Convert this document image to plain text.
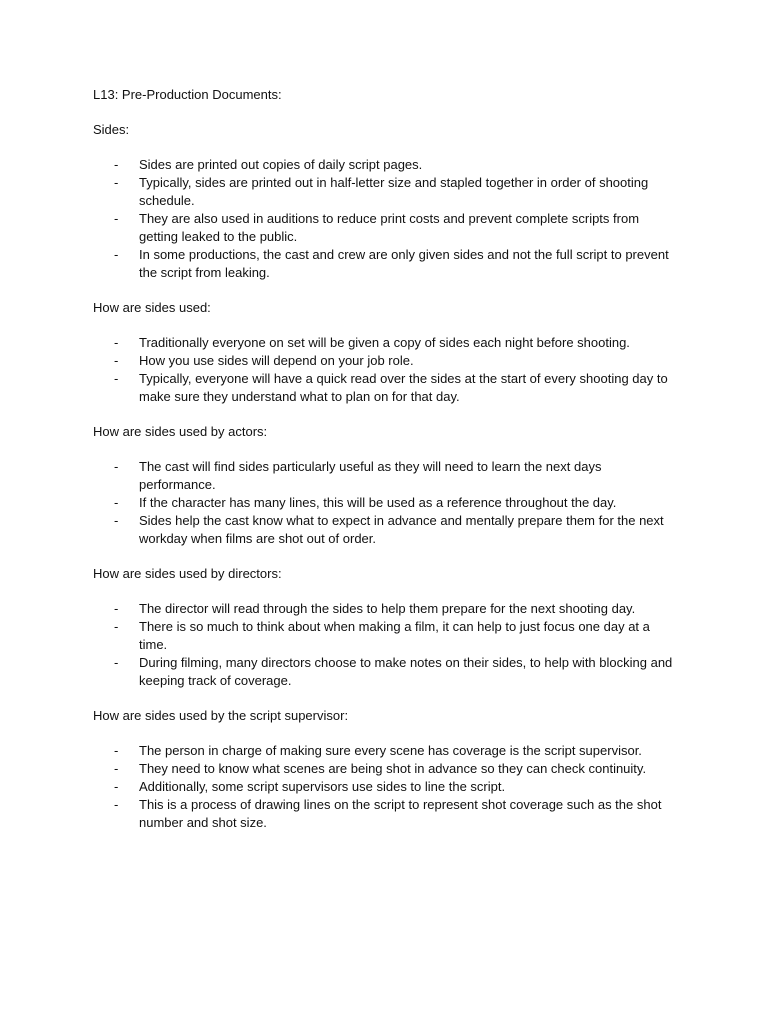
L13: Pre-Production Documents:
Sides:
- Sides are printed out copies of daily script pages.
- Typically, sides are printed out in half-letter size and stapled together in order of shooting schedule.
- They are also used in auditions to reduce print costs and prevent complete scripts from getting leaked to the public.
- In some productions, the cast and crew are only given sides and not the full script to prevent the script from leaking.
How are sides used:
- Traditionally everyone on set will be given a copy of sides each night before shooting.
- How you use sides will depend on your job role.
- Typically, everyone will have a quick read over the sides at the start of every shooting day to make sure they understand what to plan on for that day.
How are sides used by actors:
- The cast will find sides particularly useful as they will need to learn the next days performance.
- If the character has many lines, this will be used as a reference throughout the day.
- Sides help the cast know what to expect in advance and mentally prepare them for the next workday when films are shot out of order.
How are sides used by directors:
- The director will read through the sides to help them prepare for the next shooting day.
- There is so much to think about when making a film, it can help to just focus one day at a time.
- During filming, many directors choose to make notes on their sides, to help with blocking and keeping track of coverage.
How are sides used by the script supervisor:
- The person in charge of making sure every scene has coverage is the script supervisor.
- They need to know what scenes are being shot in advance so they can check continuity.
- Additionally, some script supervisors use sides to line the script.
- This is a process of drawing lines on the script to represent shot coverage such as the shot number and shot size.
